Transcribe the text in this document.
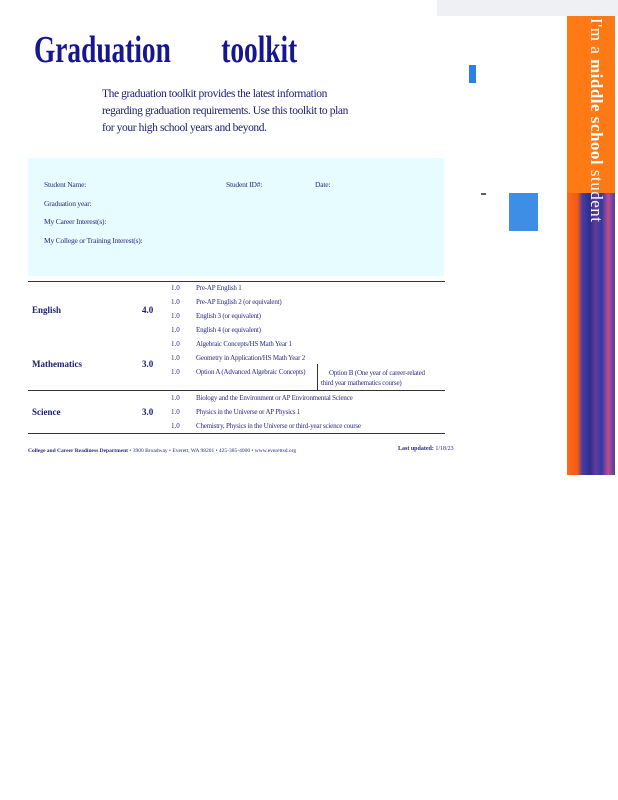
Graduation toolkit
The graduation toolkit provides the latest information regarding graduation requirements. Use this toolkit to plan for your high school years and beyond.
Student Name:	Student ID#:	Date:
Graduation year:
My Career Interest(s):
My College or Training Interest(s):
English	4.0
1.0 Pre-AP English 1
1.0 Pre-AP English 2 (or equivalent)
1.0 English 3 (or equivalent)
1.0 English 4 (or equivalent)
Mathematics	3.0
1.0 Algebraic Concepts/HS Math Year 1
1.0 Geometry in Application/HS Math Year 2
1.0 Option A (Advanced Algebraic Concepts)	Option B (One year of career-related
third year mathematics course)
Science	3.0
1.0 Biology and the Environment or AP Environmental Science
1.0 Physics in the Universe or AP Physics 1
1.0 Chemistry, Physics in the Universe or third-year science course
College and Career Readiness Department • 3900 Broadway • Everett, WA 98201 • 425-385-4000 • www.everettsd.org	Last updated: 1/18/23
I'm a middle school student
